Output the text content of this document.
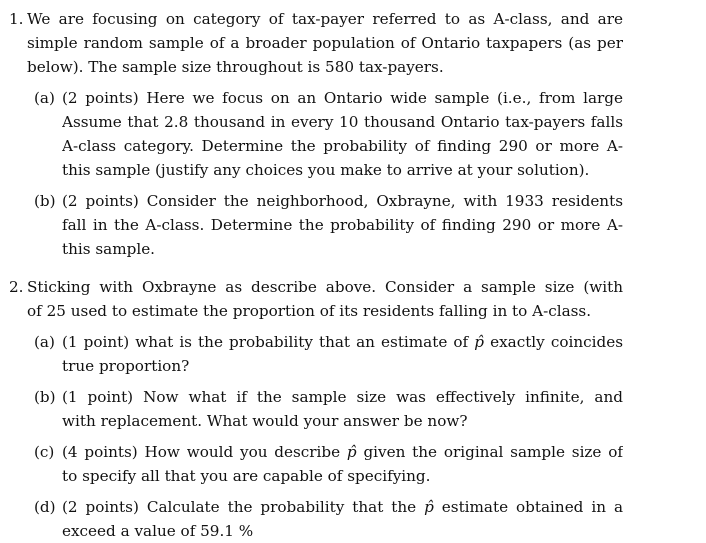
1. We are focusing on category of tax-payer referred to as A-class, and are
simple random sample of a broader population of Ontario taxpapers (as per
below). The sample size throughout is 580 tax-payers.
(a) (2 points) Here we focus on an Ontario wide sample (i.e., from large
Assume that 2.8 thousand in every 10 thousand Ontario tax-payers falls
A-class category. Determine the probability of finding 290 or more A-
this sample (justify any choices you make to arrive at your solution).
(b) (2 points) Consider the neighborhood, Oxbrayne, with 1933 residents
fall in the A-class. Determine the probability of finding 290 or more A-
this sample.
2. Sticking with Oxbrayne as describe above. Consider a sample size (with
of 25 used to estimate the proportion of its residents falling in to A-class.
(a) (1 point) what is the probability that an estimate of p̂ exactly coincides
true proportion?
(b) (1 point) Now what if the sample size was effectively infinite, and
with replacement. What would your answer be now?
(c) (4 points) How would you describe p̂ given the original sample size of
to specify all that you are capable of specifying.
(d) (2 points) Calculate the probability that the p̂ estimate obtained in a
exceed a value of 59.1 %
